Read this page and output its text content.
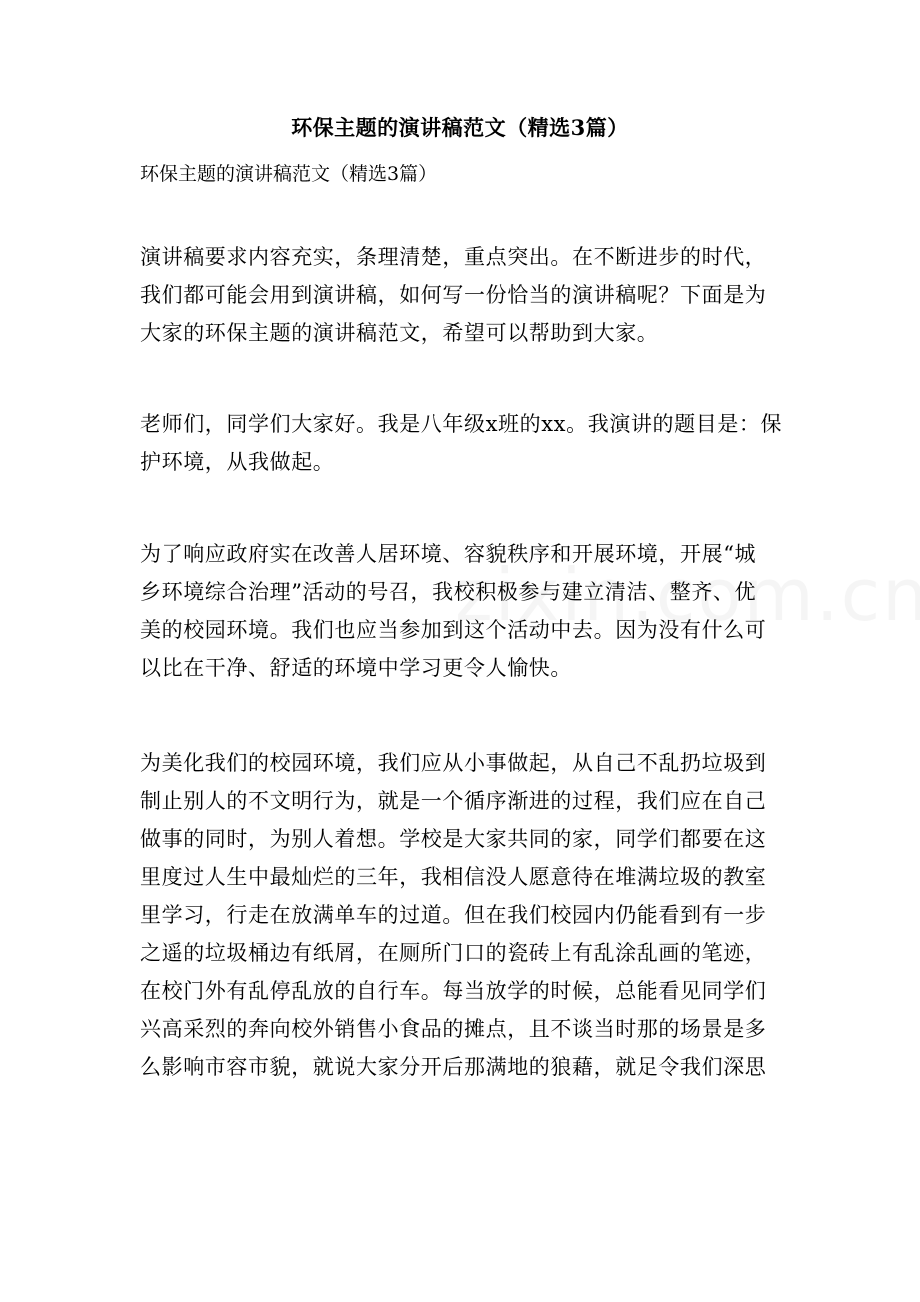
环保主题的演讲稿范文（精选3篇）
环保主题的演讲稿范文（精选3篇）
演讲稿要求内容充实，条理清楚，重点突出。在不断进步的时代，
我们都可能会用到演讲稿，如何写一份恰当的演讲稿呢？下面是为
大家的环保主题的演讲稿范文，希望可以帮助到大家。
老师们，同学们大家好。我是八年级x班的xx。我演讲的题目是：保
护环境，从我做起。
为了响应政府实在改善人居环境、容貌秩序和开展环境，开展“城
乡环境综合治理”活动的号召，我校积极参与建立清洁、整齐、优
美的校园环境。我们也应当参加到这个活动中去。因为没有什么可
以比在干净、舒适的环境中学习更令人愉快。
为美化我们的校园环境，我们应从小事做起，从自己不乱扔垃圾到
制止别人的不文明行为，就是一个循序渐进的过程，我们应在自己
做事的同时，为别人着想。学校是大家共同的家，同学们都要在这
里度过人生中最灿烂的三年，我相信没人愿意待在堆满垃圾的教室
里学习，行走在放满单车的过道。但在我们校园内仍能看到有一步
之遥的垃圾桶边有纸屑，在厕所门口的瓷砖上有乱涂乱画的笔迹，
在校门外有乱停乱放的自行车。每当放学的时候，总能看见同学们
兴高采烈的奔向校外销售小食品的摊点，且不谈当时那的场景是多
么影响市容市貌，就说大家分开后那满地的狼藉，就足令我们深思
